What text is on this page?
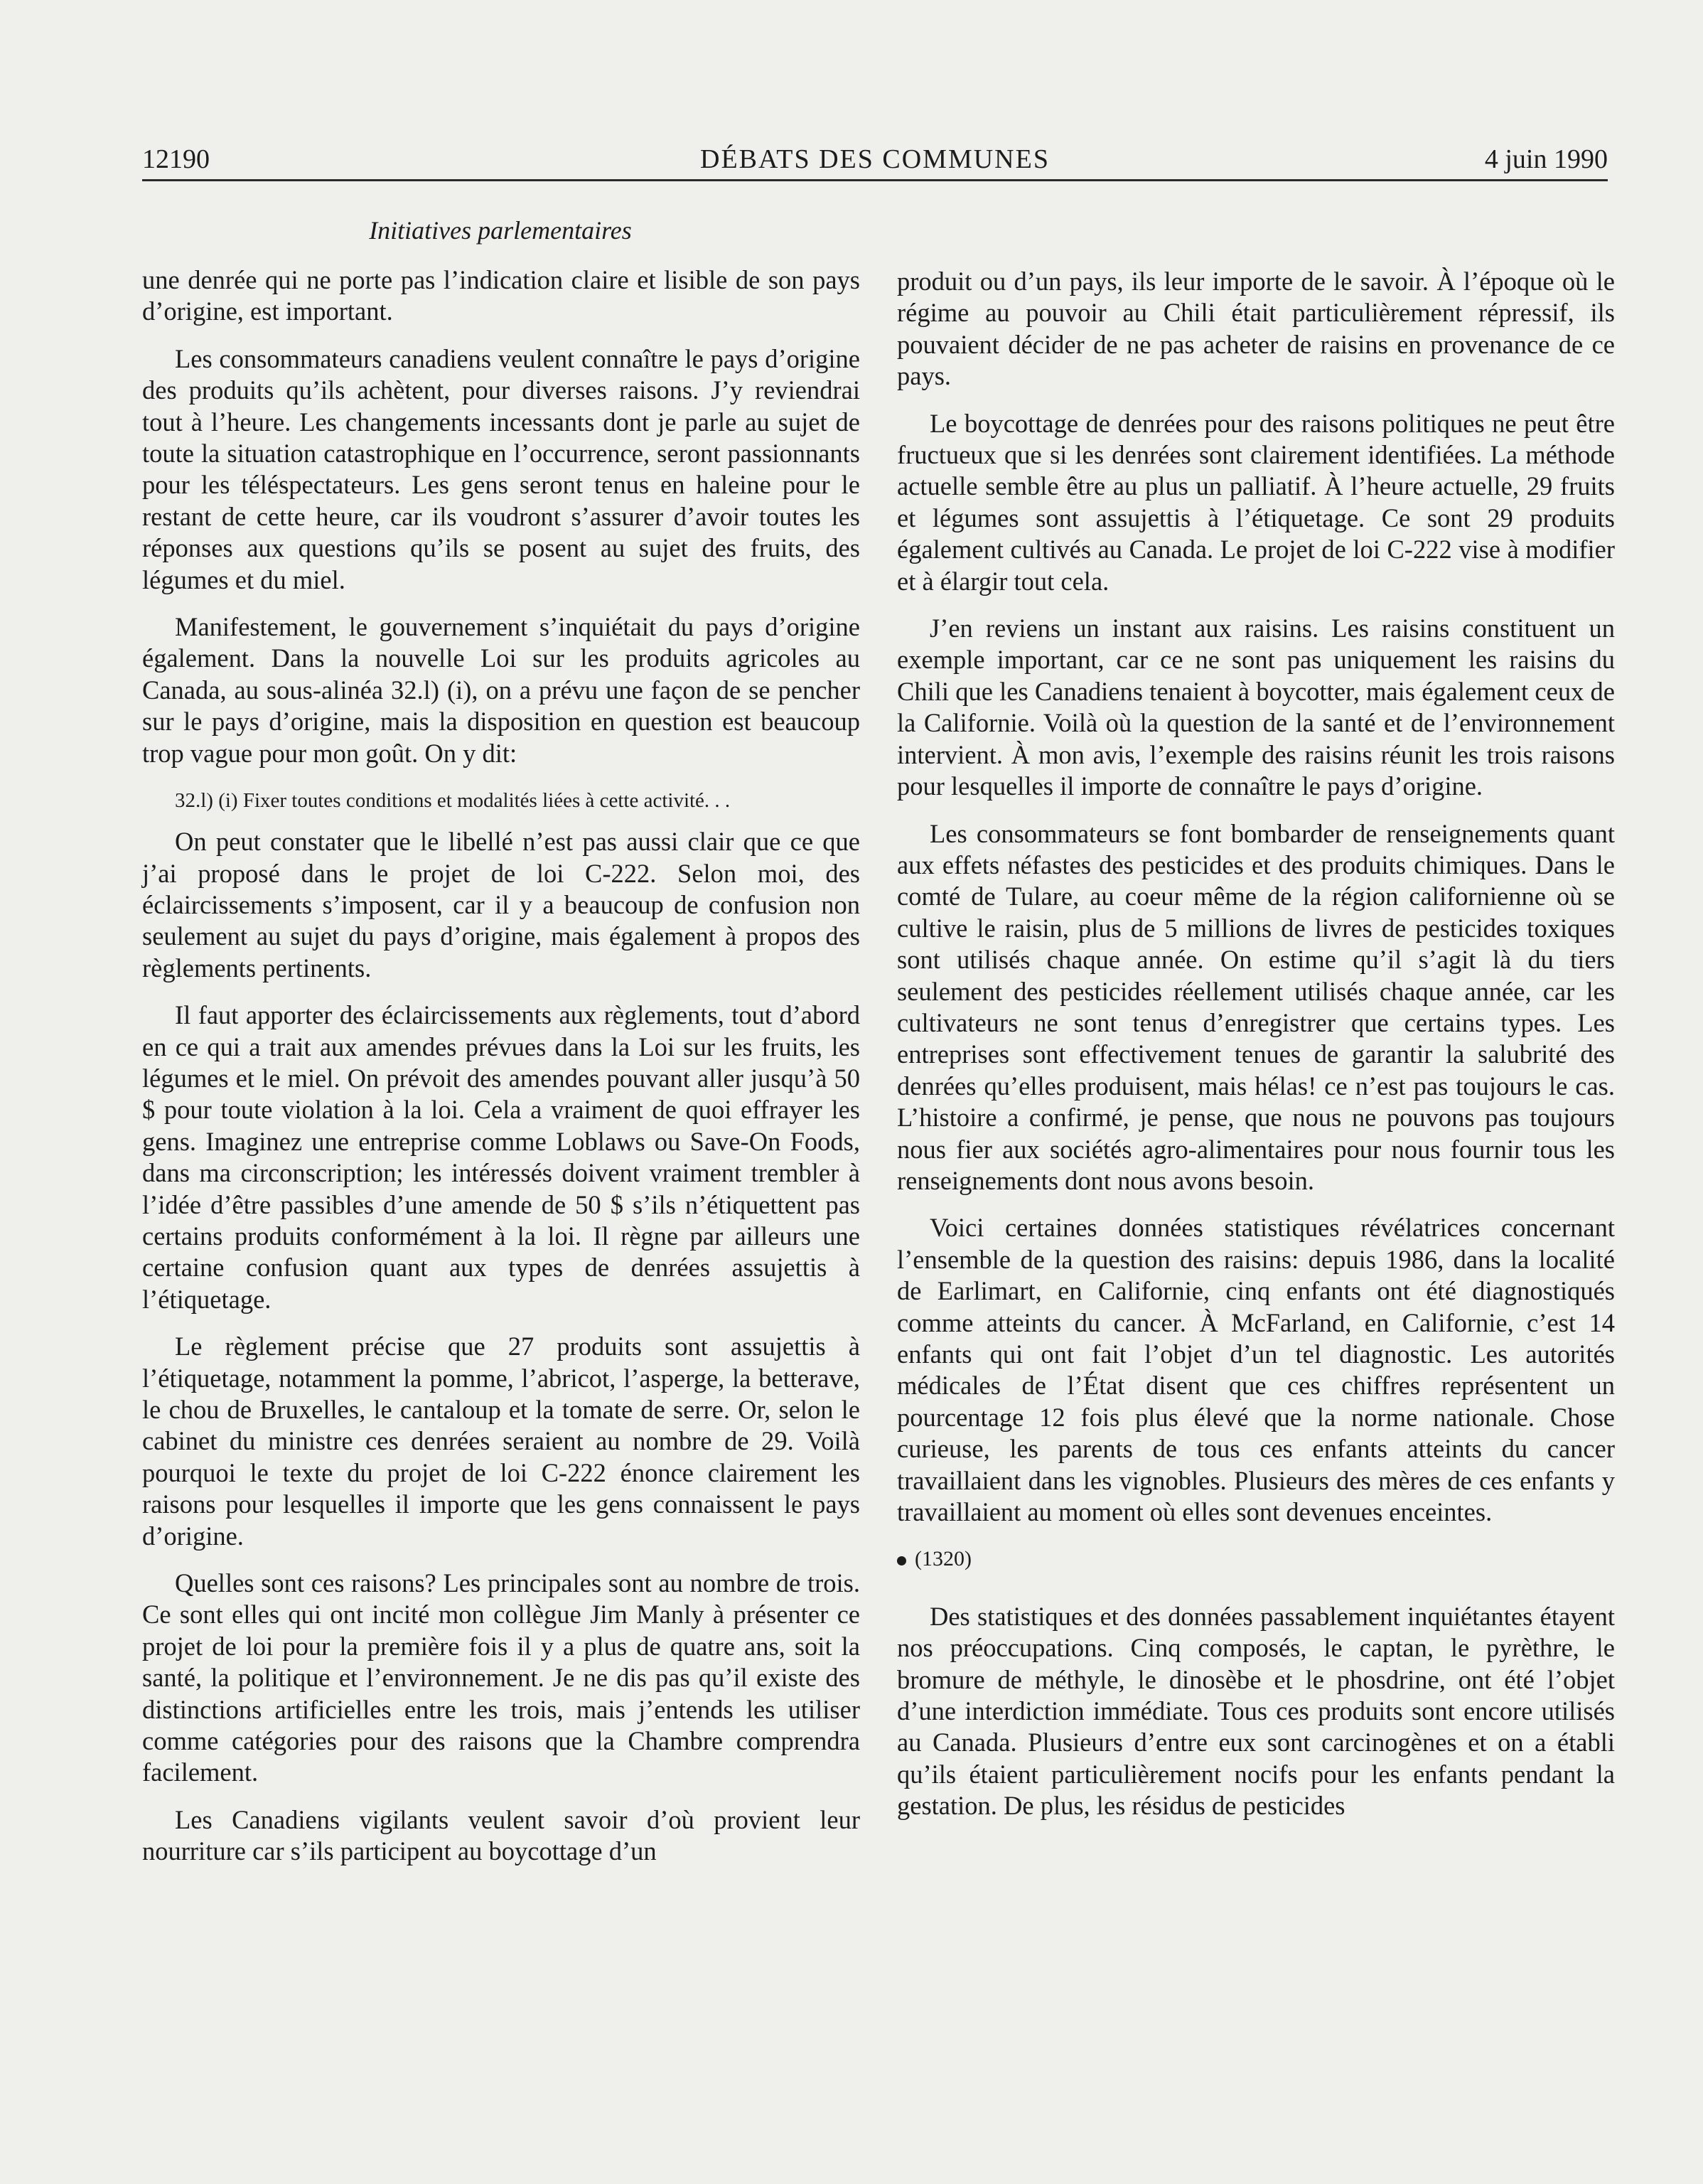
12190	DÉBATS DES COMMUNES	4 juin 1990
Initiatives parlementaires

une denrée qui ne porte pas l’indication claire et lisible de son pays d’origine, est important.

Les consommateurs canadiens veulent connaître le pays d’origine des produits qu’ils achètent, pour diverses raisons. J’y reviendrai tout à l’heure. Les changements incessants dont je parle au sujet de toute la situation catastrophique en l’occurrence, seront passionnants pour les téléspectateurs. Les gens seront tenus en haleine pour le restant de cette heure, car ils voudront s’assurer d’avoir toutes les réponses aux questions qu’ils se posent au sujet des fruits, des légumes et du miel.

Manifestement, le gouvernement s’inquiétait du pays d’origine également. Dans la nouvelle Loi sur les produits agricoles au Canada, au sous-alinéa 32.l) (i), on a prévu une façon de se pencher sur le pays d’origine, mais la disposition en question est beaucoup trop vague pour mon goût. On y dit:

32.l) (i) Fixer toutes conditions et modalités liées à cette activité. . .

On peut constater que le libellé n’est pas aussi clair que ce que j’ai proposé dans le projet de loi C-222. Selon moi, des éclaircissements s’imposent, car il y a beaucoup de confusion non seulement au sujet du pays d’origine, mais également à propos des règlements pertinents.

Il faut apporter des éclaircissements aux règlements, tout d’abord en ce qui a trait aux amendes prévues dans la Loi sur les fruits, les légumes et le miel. On prévoit des amendes pouvant aller jusqu’à 50 $ pour toute violation à la loi. Cela a vraiment de quoi effrayer les gens. Imaginez une entreprise comme Loblaws ou Save-On Foods, dans ma circonscription; les intéressés doivent vraiment trembler à l’idée d’être passibles d’une amende de 50 $ s’ils n’étiquettent pas certains produits conformément à la loi. Il règne par ailleurs une certaine confusion quant aux types de denrées assujettis à l’étiquetage.

Le règlement précise que 27 produits sont assujettis à l’étiquetage, notamment la pomme, l’abricot, l’asperge, la betterave, le chou de Bruxelles, le cantaloup et la tomate de serre. Or, selon le cabinet du ministre ces denrées seraient au nombre de 29. Voilà pourquoi le texte du projet de loi C-222 énonce clairement les raisons pour lesquelles il importe que les gens connaissent le pays d’origine.

Quelles sont ces raisons? Les principales sont au nombre de trois. Ce sont elles qui ont incité mon collègue Jim Manly à présenter ce projet de loi pour la première fois il y a plus de quatre ans, soit la santé, la politique et l’environnement. Je ne dis pas qu’il existe des distinctions artificielles entre les trois, mais j’entends les utiliser comme catégories pour des raisons que la Chambre comprendra facilement.

Les Canadiens vigilants veulent savoir d’où provient leur nourriture car s’ils participent au boycottage d’un

produit ou d’un pays, ils leur importe de le savoir. À l’époque où le régime au pouvoir au Chili était particulièrement répressif, ils pouvaient décider de ne pas acheter de raisins en provenance de ce pays.

Le boycottage de denrées pour des raisons politiques ne peut être fructueux que si les denrées sont clairement identifiées. La méthode actuelle semble être au plus un palliatif. À l’heure actuelle, 29 fruits et légumes sont assujettis à l’étiquetage. Ce sont 29 produits également cultivés au Canada. Le projet de loi C-222 vise à modifier et à élargir tout cela.

J’en reviens un instant aux raisins. Les raisins constituent un exemple important, car ce ne sont pas uniquement les raisins du Chili que les Canadiens tenaient à boycotter, mais également ceux de la Californie. Voilà où la question de la santé et de l’environnement intervient. À mon avis, l’exemple des raisins réunit les trois raisons pour lesquelles il importe de connaître le pays d’origine.

Les consommateurs se font bombarder de renseignements quant aux effets néfastes des pesticides et des produits chimiques. Dans le comté de Tulare, au coeur même de la région californienne où se cultive le raisin, plus de 5 millions de livres de pesticides toxiques sont utilisés chaque année. On estime qu’il s’agit là du tiers seulement des pesticides réellement utilisés chaque année, car les cultivateurs ne sont tenus d’enregistrer que certains types. Les entreprises sont effectivement tenues de garantir la salubrité des denrées qu’elles produisent, mais hélas! ce n’est pas toujours le cas. L’histoire a confirmé, je pense, que nous ne pouvons pas toujours nous fier aux sociétés agro-alimentaires pour nous fournir tous les renseignements dont nous avons besoin.

Voici certaines données statistiques révélatrices concernant l’ensemble de la question des raisins: depuis 1986, dans la localité de Earlimart, en Californie, cinq enfants ont été diagnostiqués comme atteints du cancer. À McFarland, en Californie, c’est 14 enfants qui ont fait l’objet d’un tel diagnostic. Les autorités médicales de l’État disent que ces chiffres représentent un pourcentage 12 fois plus élevé que la norme nationale. Chose curieuse, les parents de tous ces enfants atteints du cancer travaillaient dans les vignobles. Plusieurs des mères de ces enfants y travaillaient au moment où elles sont devenues enceintes.

(1320)

Des statistiques et des données passablement inquiétantes étayent nos préoccupations. Cinq composés, le captan, le pyrèthre, le bromure de méthyle, le dinosèbe et le phosdrine, ont été l’objet d’une interdiction immédiate. Tous ces produits sont encore utilisés au Canada. Plusieurs d’entre eux sont carcinogènes et on a établi qu’ils étaient particulièrement nocifs pour les enfants pendant la gestation. De plus, les résidus de pesticides
